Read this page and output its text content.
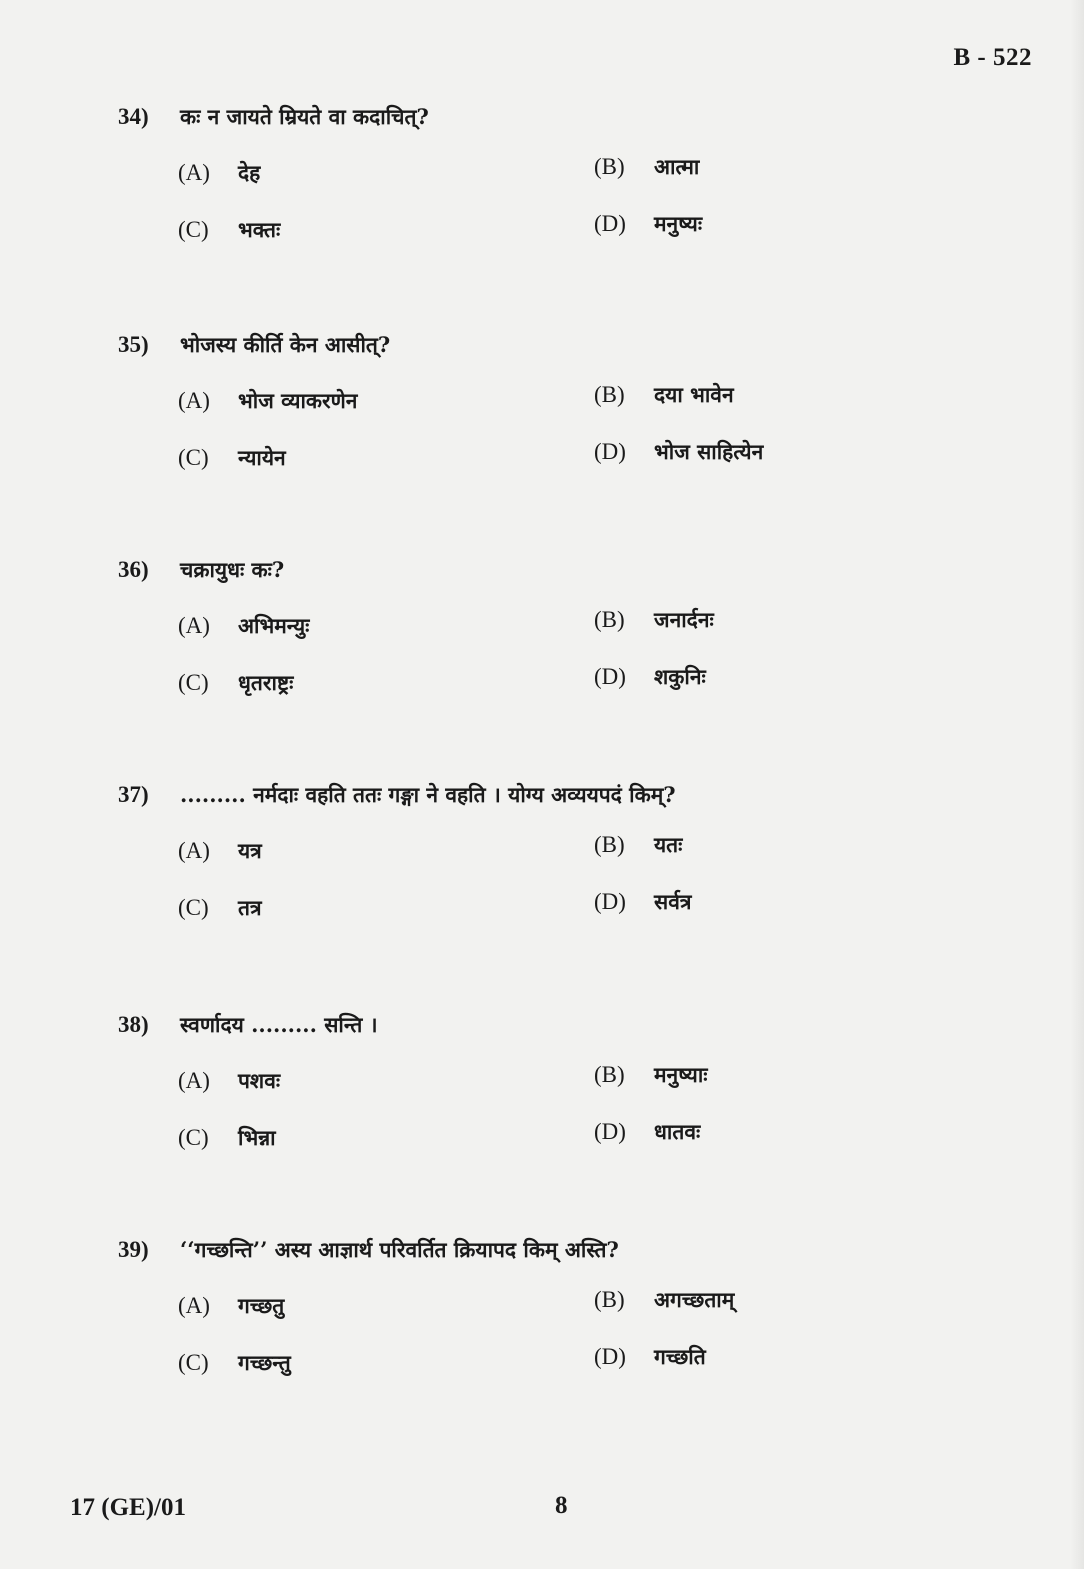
B - 522
34) कः न जायते म्रियते वा कदाचित्?
(A) देह	(B) आत्मा
(C) भक्तः	(D) मनुष्यः
35) भोजस्य कीर्ति केन आसीत्?
(A) भोज व्याकरणेन	(B) दया भावेन
(C) न्यायेन	(D) भोज साहित्येन
36) चक्रायुधः कः?
(A) अभिमन्युः	(B) जनार्दनः
(C) धृतराष्ट्रः	(D) शकुनिः
37) ......... नर्मदाः वहति ततः गङ्गा ने वहति । योग्य अव्ययपदं किम्?
(A) यत्र	(B) यतः
(C) तत्र	(D) सर्वत्र
38) स्वर्णादय ......... सन्ति ।
(A) पशवः	(B) मनुष्याः
(C) भिन्ना	(D) धातवः
39) ‘‘गच्छन्ति’’ अस्य आज्ञार्थ परिवर्तित क्रियापद किम् अस्ति?
(A) गच्छतु	(B) अगच्छताम्
(C) गच्छन्तु	(D) गच्छति
17 (GE)/01	8
